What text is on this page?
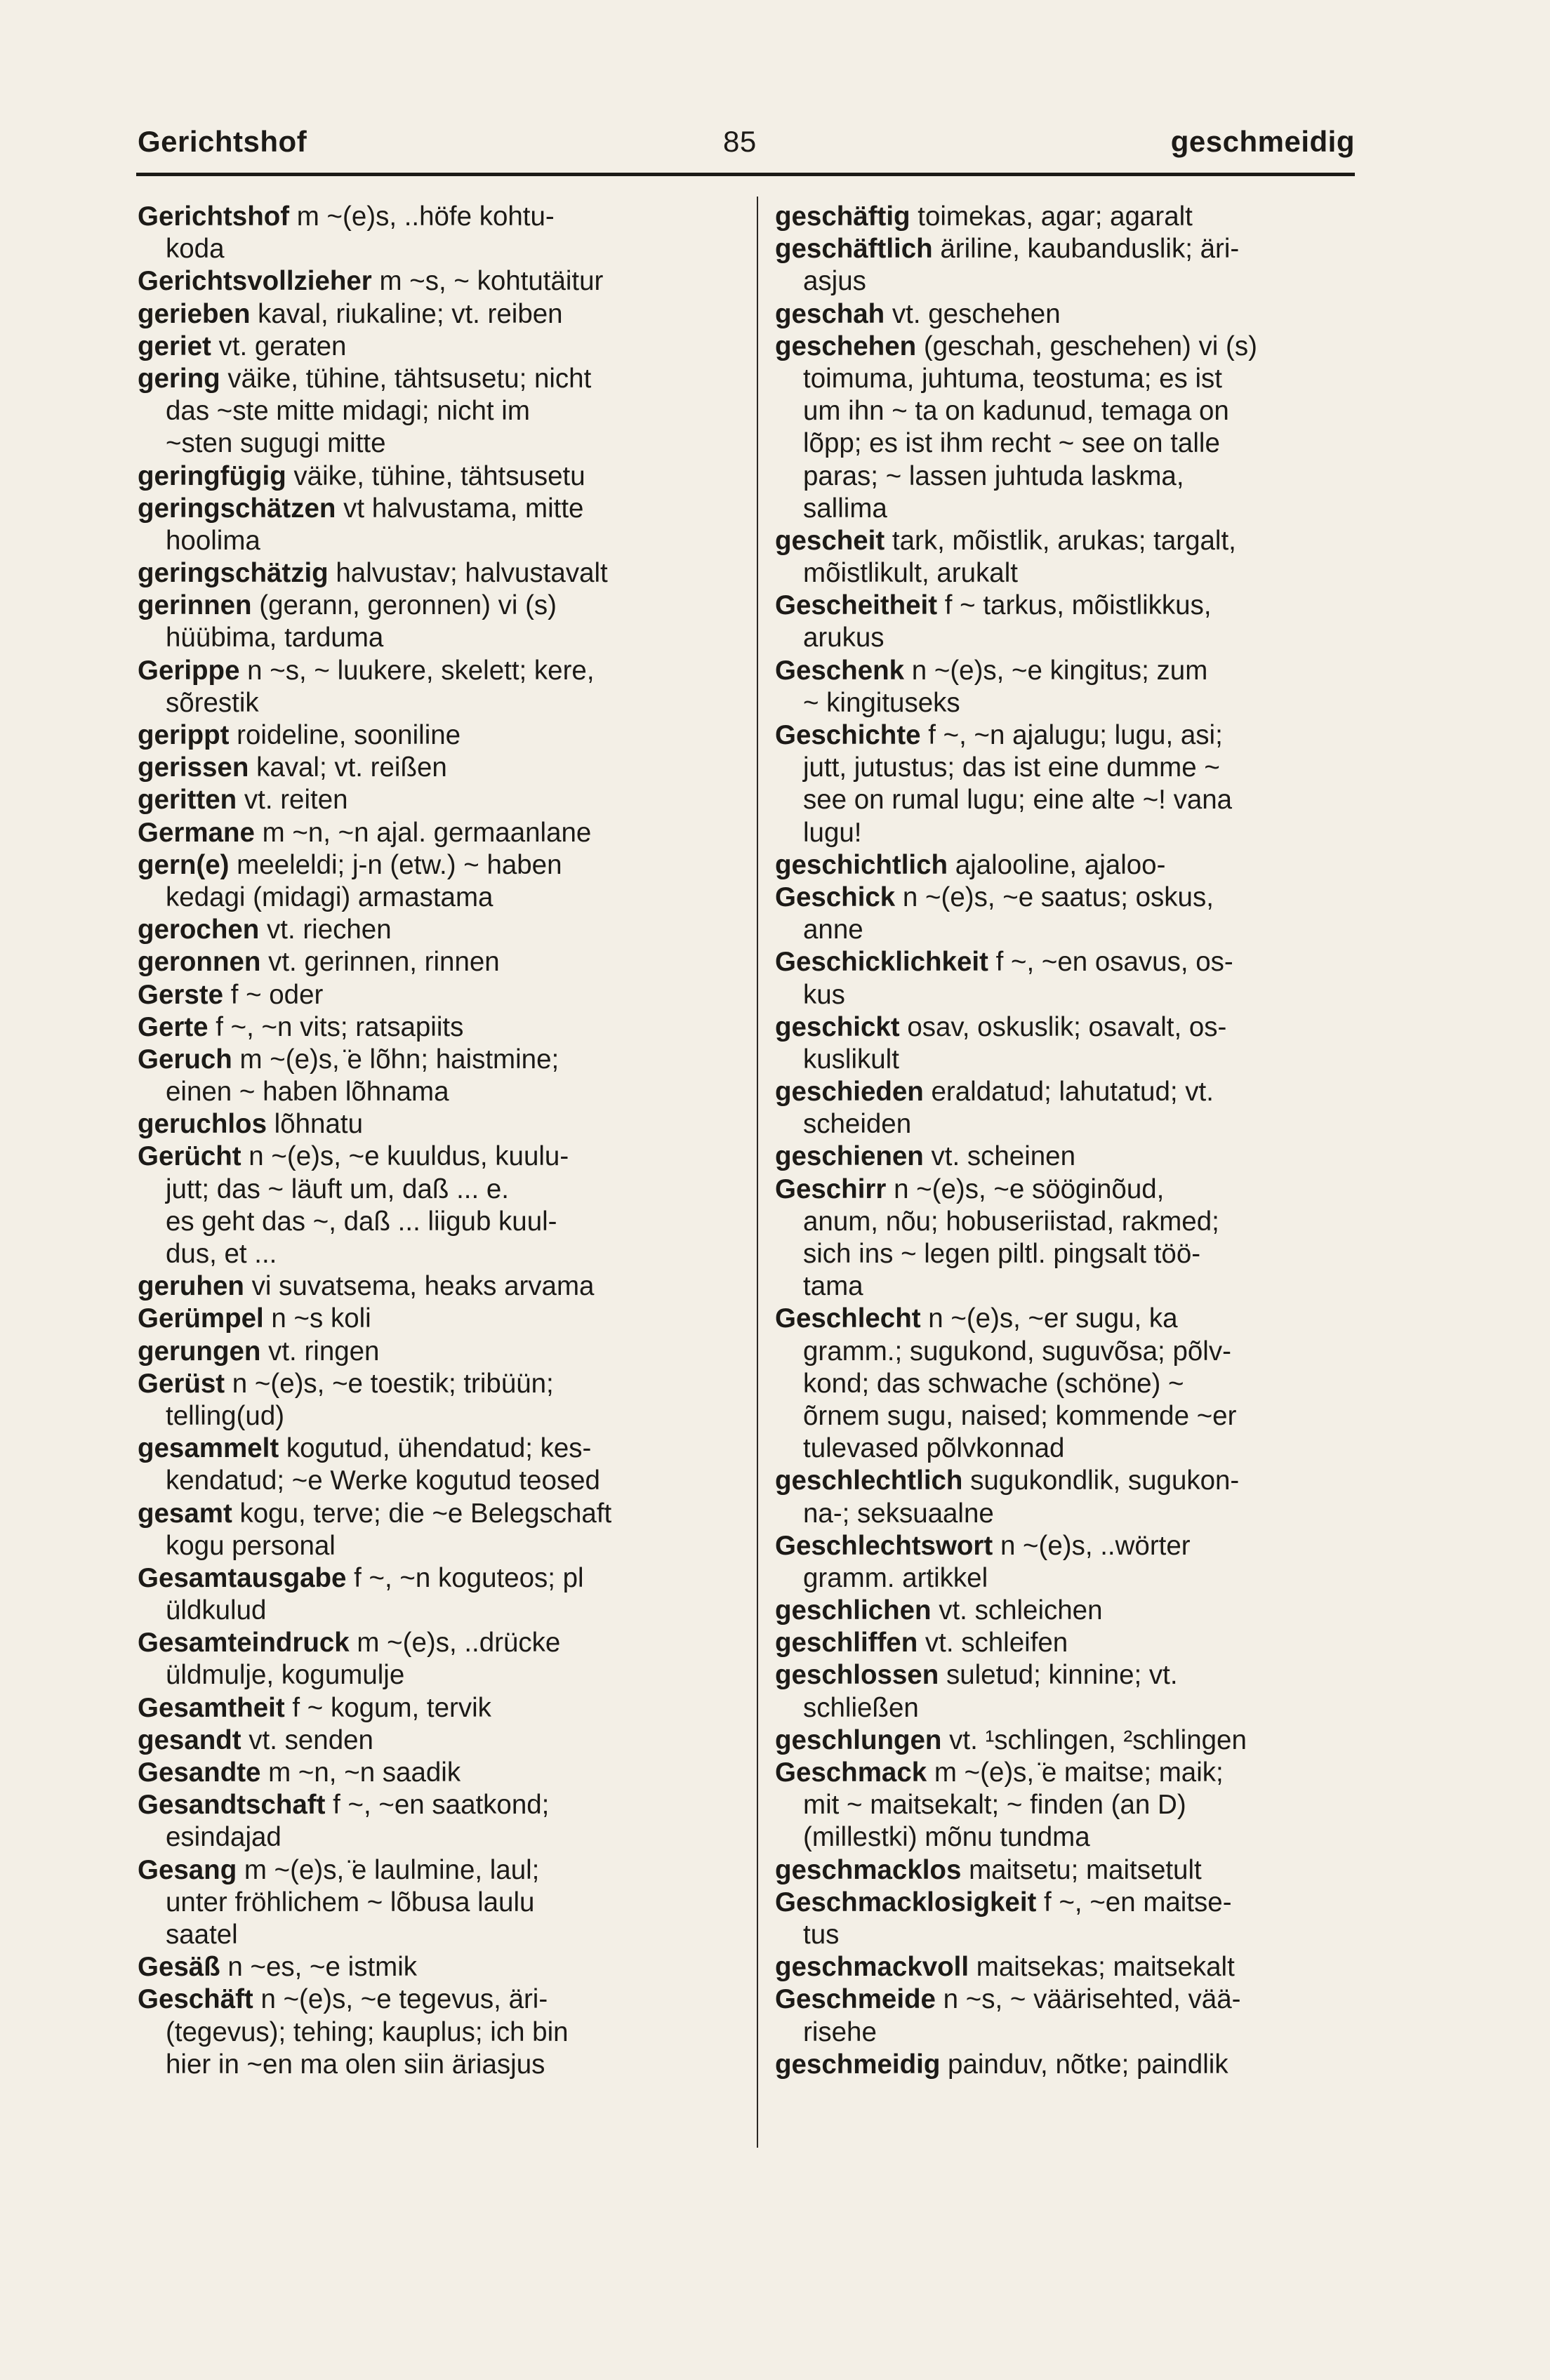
Gerichtshof	85	geschmeidig
Gerichtshof m ~(e)s, ..höfe kohtu-
koda
Gerichtsvollzieher m ~s, ~ kohtutäitur
gerieben kaval, riukaline; vt. reiben
geriet vt. geraten
gering väike, tühine, tähtsusetu; nicht
das ~ste mitte midagi; nicht im
~sten sugugi mitte
geringfügig väike, tühine, tähtsusetu
geringschätzen vt halvustama, mitte
hoolima
geringschätzig halvustav; halvustavalt
gerinnen (gerann, geronnen) vi (s)
hüübima, tarduma
Gerippe n ~s, ~ luukere, skelett; kere,
sõrestik
gerippt roideline, sooniline
gerissen kaval; vt. reißen
geritten vt. reiten
Germane m ~n, ~n ajal. germaanlane
gern(e) meeleldi; j-n (etw.) ~ haben
kedagi (midagi) armastama
gerochen vt. riechen
geronnen vt. gerinnen, rinnen
Gerste f ~ oder
Gerte f ~, ~n vits; ratsapiits
Geruch m ~(e)s, ̈e lõhn; haistmine;
einen ~ haben lõhnama
geruchlos lõhnatu
Gerücht n ~(e)s, ~e kuuldus, kuulu-
jutt; das ~ läuft um, daß ... e.
es geht das ~, daß ... liigub kuul-
dus, et ...
geruhen vi suvatsema, heaks arvama
Gerümpel n ~s koli
gerungen vt. ringen
Gerüst n ~(e)s, ~e toestik; tribüün;
telling(ud)
gesammelt kogutud, ühendatud; kes-
kendatud; ~e Werke kogutud teosed
gesamt kogu, terve; die ~e Belegschaft
kogu personal
Gesamtausgabe f ~, ~n koguteos; pl
üldkulud
Gesamteindruck m ~(e)s, ..drücke
üldmulje, kogumulje
Gesamtheit f ~ kogum, tervik
gesandt vt. senden
Gesandte m ~n, ~n saadik
Gesandtschaft f ~, ~en saatkond;
esindajad
Gesang m ~(e)s, ̈e laulmine, laul;
unter fröhlichem ~ lõbusa laulu
saatel
Gesäß n ~es, ~e istmik
Geschäft n ~(e)s, ~e tegevus, äri-
(tegevus); tehing; kauplus; ich bin
hier in ~en ma olen siin äriasjus
geschäftig toimekas, agar; agaralt
geschäftlich äriline, kaubanduslik; äri-
asjus
geschah vt. geschehen
geschehen (geschah, geschehen) vi (s)
toimuma, juhtuma, teostuma; es ist
um ihn ~ ta on kadunud, temaga on
lõpp; es ist ihm recht ~ see on talle
paras; ~ lassen juhtuda laskma,
sallima
gescheit tark, mõistlik, arukas; targalt,
mõistlikult, arukalt
Gescheitheit f ~ tarkus, mõistlikkus,
arukus
Geschenk n ~(e)s, ~e kingitus; zum
~ kingituseks
Geschichte f ~, ~n ajalugu; lugu, asi;
jutt, jutustus; das ist eine dumme ~
see on rumal lugu; eine alte ~! vana
lugu!
geschichtlich ajalooline, ajaloo-
Geschick n ~(e)s, ~e saatus; oskus,
anne
Geschicklichkeit f ~, ~en osavus, os-
kus
geschickt osav, oskuslik; osavalt, os-
kuslikult
geschieden eraldatud; lahutatud; vt.
scheiden
geschienen vt. scheinen
Geschirr n ~(e)s, ~e sööginõud,
anum, nõu; hobuseriistad, rakmed;
sich ins ~ legen piltl. pingsalt töö-
tama
Geschlecht n ~(e)s, ~er sugu, ka
gramm.; sugukond, suguvõsa; põlv-
kond; das schwache (schöne) ~
õrnem sugu, naised; kommende ~er
tulevased põlvkonnad
geschlechtlich sugukondlik, sugukon-
na-; seksuaalne
Geschlechtswort n ~(e)s, ..wörter
gramm. artikkel
geschlichen vt. schleichen
geschliffen vt. schleifen
geschlossen suletud; kinnine; vt.
schließen
geschlungen vt. ¹schlingen, ²schlingen
Geschmack m ~(e)s, ̈e maitse; maik;
mit ~ maitsekalt; ~ finden (an D)
(millestki) mõnu tundma
geschmacklos maitsetu; maitsetult
Geschmacklosigkeit f ~, ~en maitse-
tus
geschmackvoll maitsekas; maitsekalt
Geschmeide n ~s, ~ väärisehted, vää-
risehe
geschmeidig painduv, nõtke; paindlik
